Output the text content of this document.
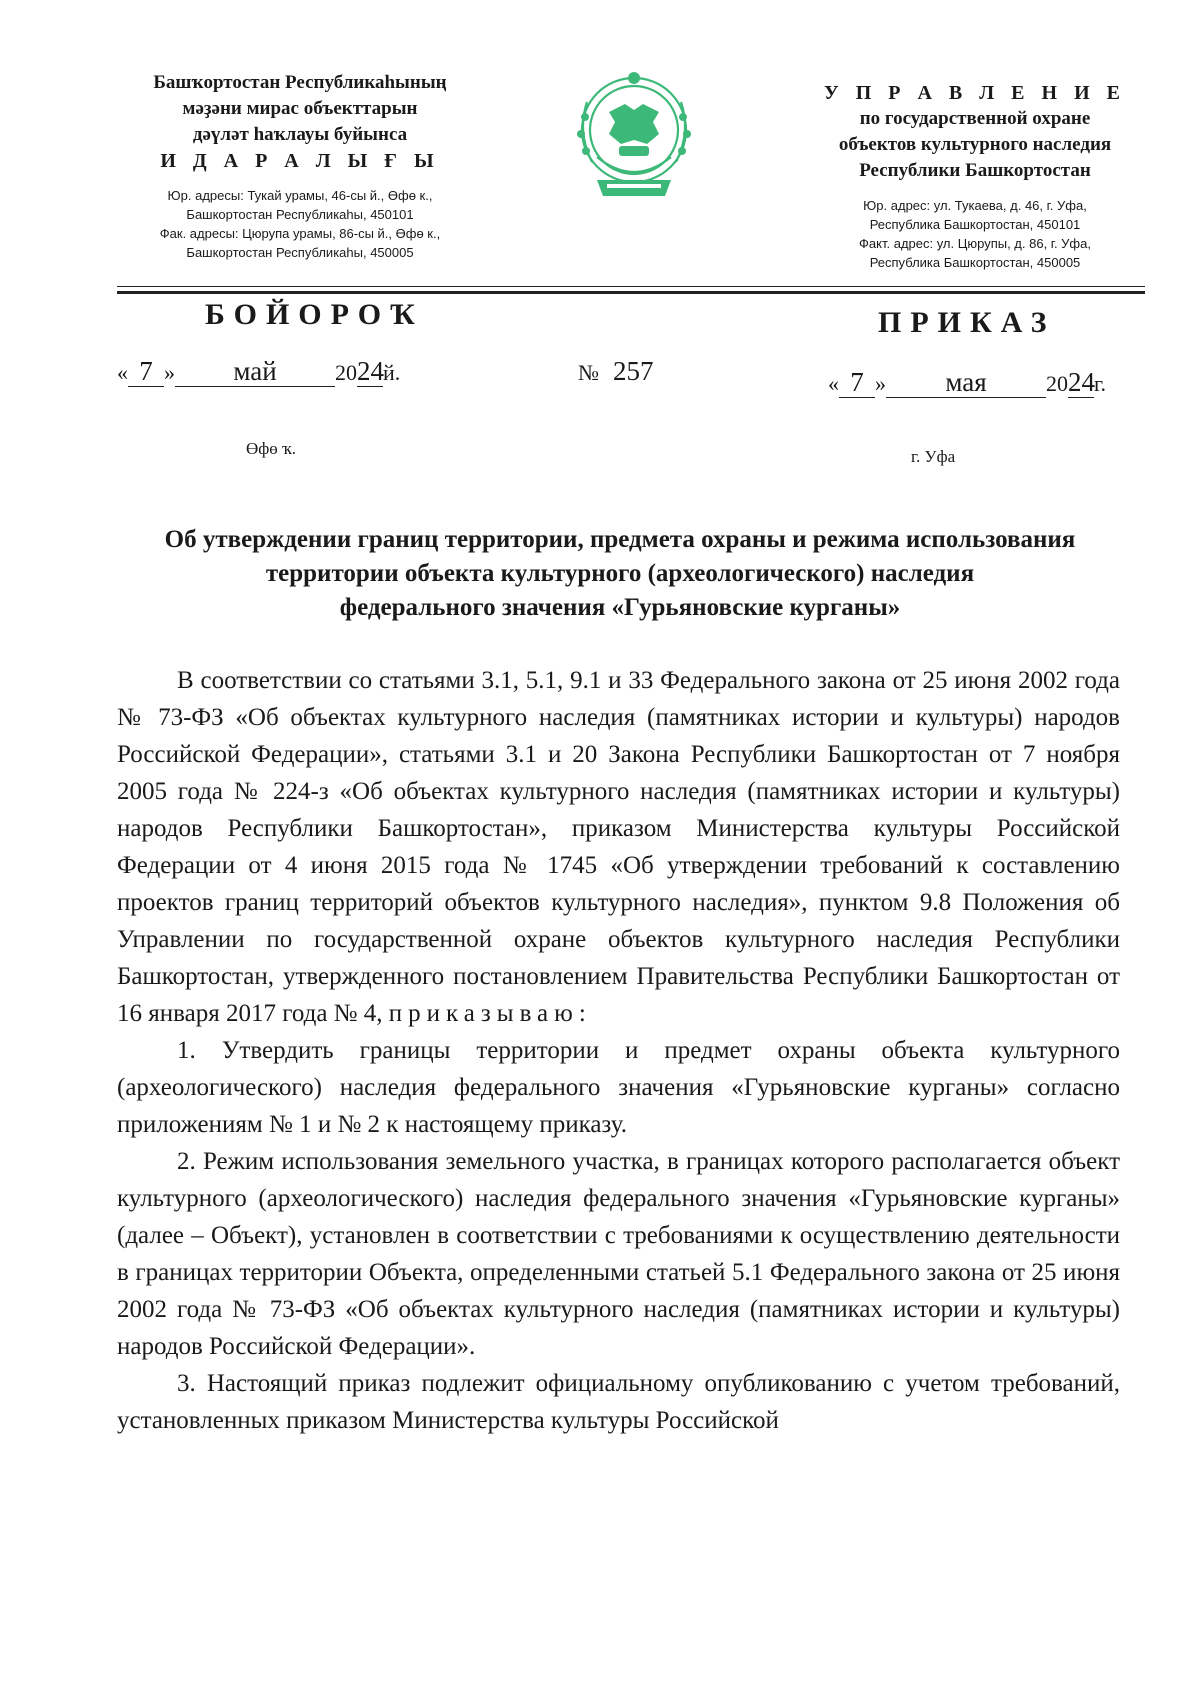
Башҡортостан Республикаһының

мәҙәни мирас объекттарын

дәүләт һаҡлауы буйынса

И Д А Р А Л Ы Ғ Ы

Юр. адресы: Тукай урамы, 46-сы й., Өфө к.,

Башкортостан Республикаһы, 450101

Фак. адресы: Цюрупа урамы, 86-сы й., Өфө к.,

Башкортостан Республикаһы, 450005

У П Р А В Л Е Н И Е

по государственной охране

объектов культурного наследия

Республики Башкортостан

Юр. адрес: ул. Тукаева, д. 46, г. Уфа,

Республика Башкортостан, 450101

Факт. адрес: ул. Цюрупы, д. 86, г. Уфа,

Республика Башкортостан, 450005

БОЙОРОҠ	ПРИКАЗ
« 7 » май	2024й.	№ 257	« 7 » мая	2024г.
Өфө ҡ.	г. Уфа
Об утверждении границ территории, предмета охраны и режима использования
территории объекта культурного (археологического) наследия
федерального значения «Гурьяновские курганы»

В соответствии со статьями 3.1, 5.1, 9.1 и 33 Федерального закона от 25 июня 2002 года № 73-ФЗ «Об объектах культурного наследия (памятниках истории и культуры) народов Российской Федерации», статьями 3.1 и 20 Закона Республики Башкортостан от 7 ноября 2005 года № 224-з «Об объектах культурного наследия (памятниках истории и культуры) народов Республики Башкортостан», приказом Министерства культуры Российской Федерации от 4 июня 2015 года № 1745 «Об утверждении требований к составлению проектов границ территорий объектов культурного наследия», пунктом 9.8 Положения об Управлении по государственной охране объектов культурного наследия Республики Башкортостан, утвержденного постановлением Правительства Республики Башкортостан от 16 января 2017 года № 4, приказываю:

1. Утвердить границы территории и предмет охраны объекта культурного (археологического) наследия федерального значения «Гурьяновские курганы» согласно приложениям № 1 и № 2 к настоящему приказу.

2. Режим использования земельного участка, в границах которого располагается объект культурного (археологического) наследия федерального значения «Гурьяновские курганы» (далее – Объект), установлен в соответствии с требованиями к осуществлению деятельности в границах территории Объекта, определенными статьей 5.1 Федерального закона от 25 июня 2002 года № 73-ФЗ «Об объектах культурного наследия (памятниках истории и культуры) народов Российской Федерации».

3. Настоящий приказ подлежит официальному опубликованию с учетом требований, установленных приказом Министерства культуры Российской
